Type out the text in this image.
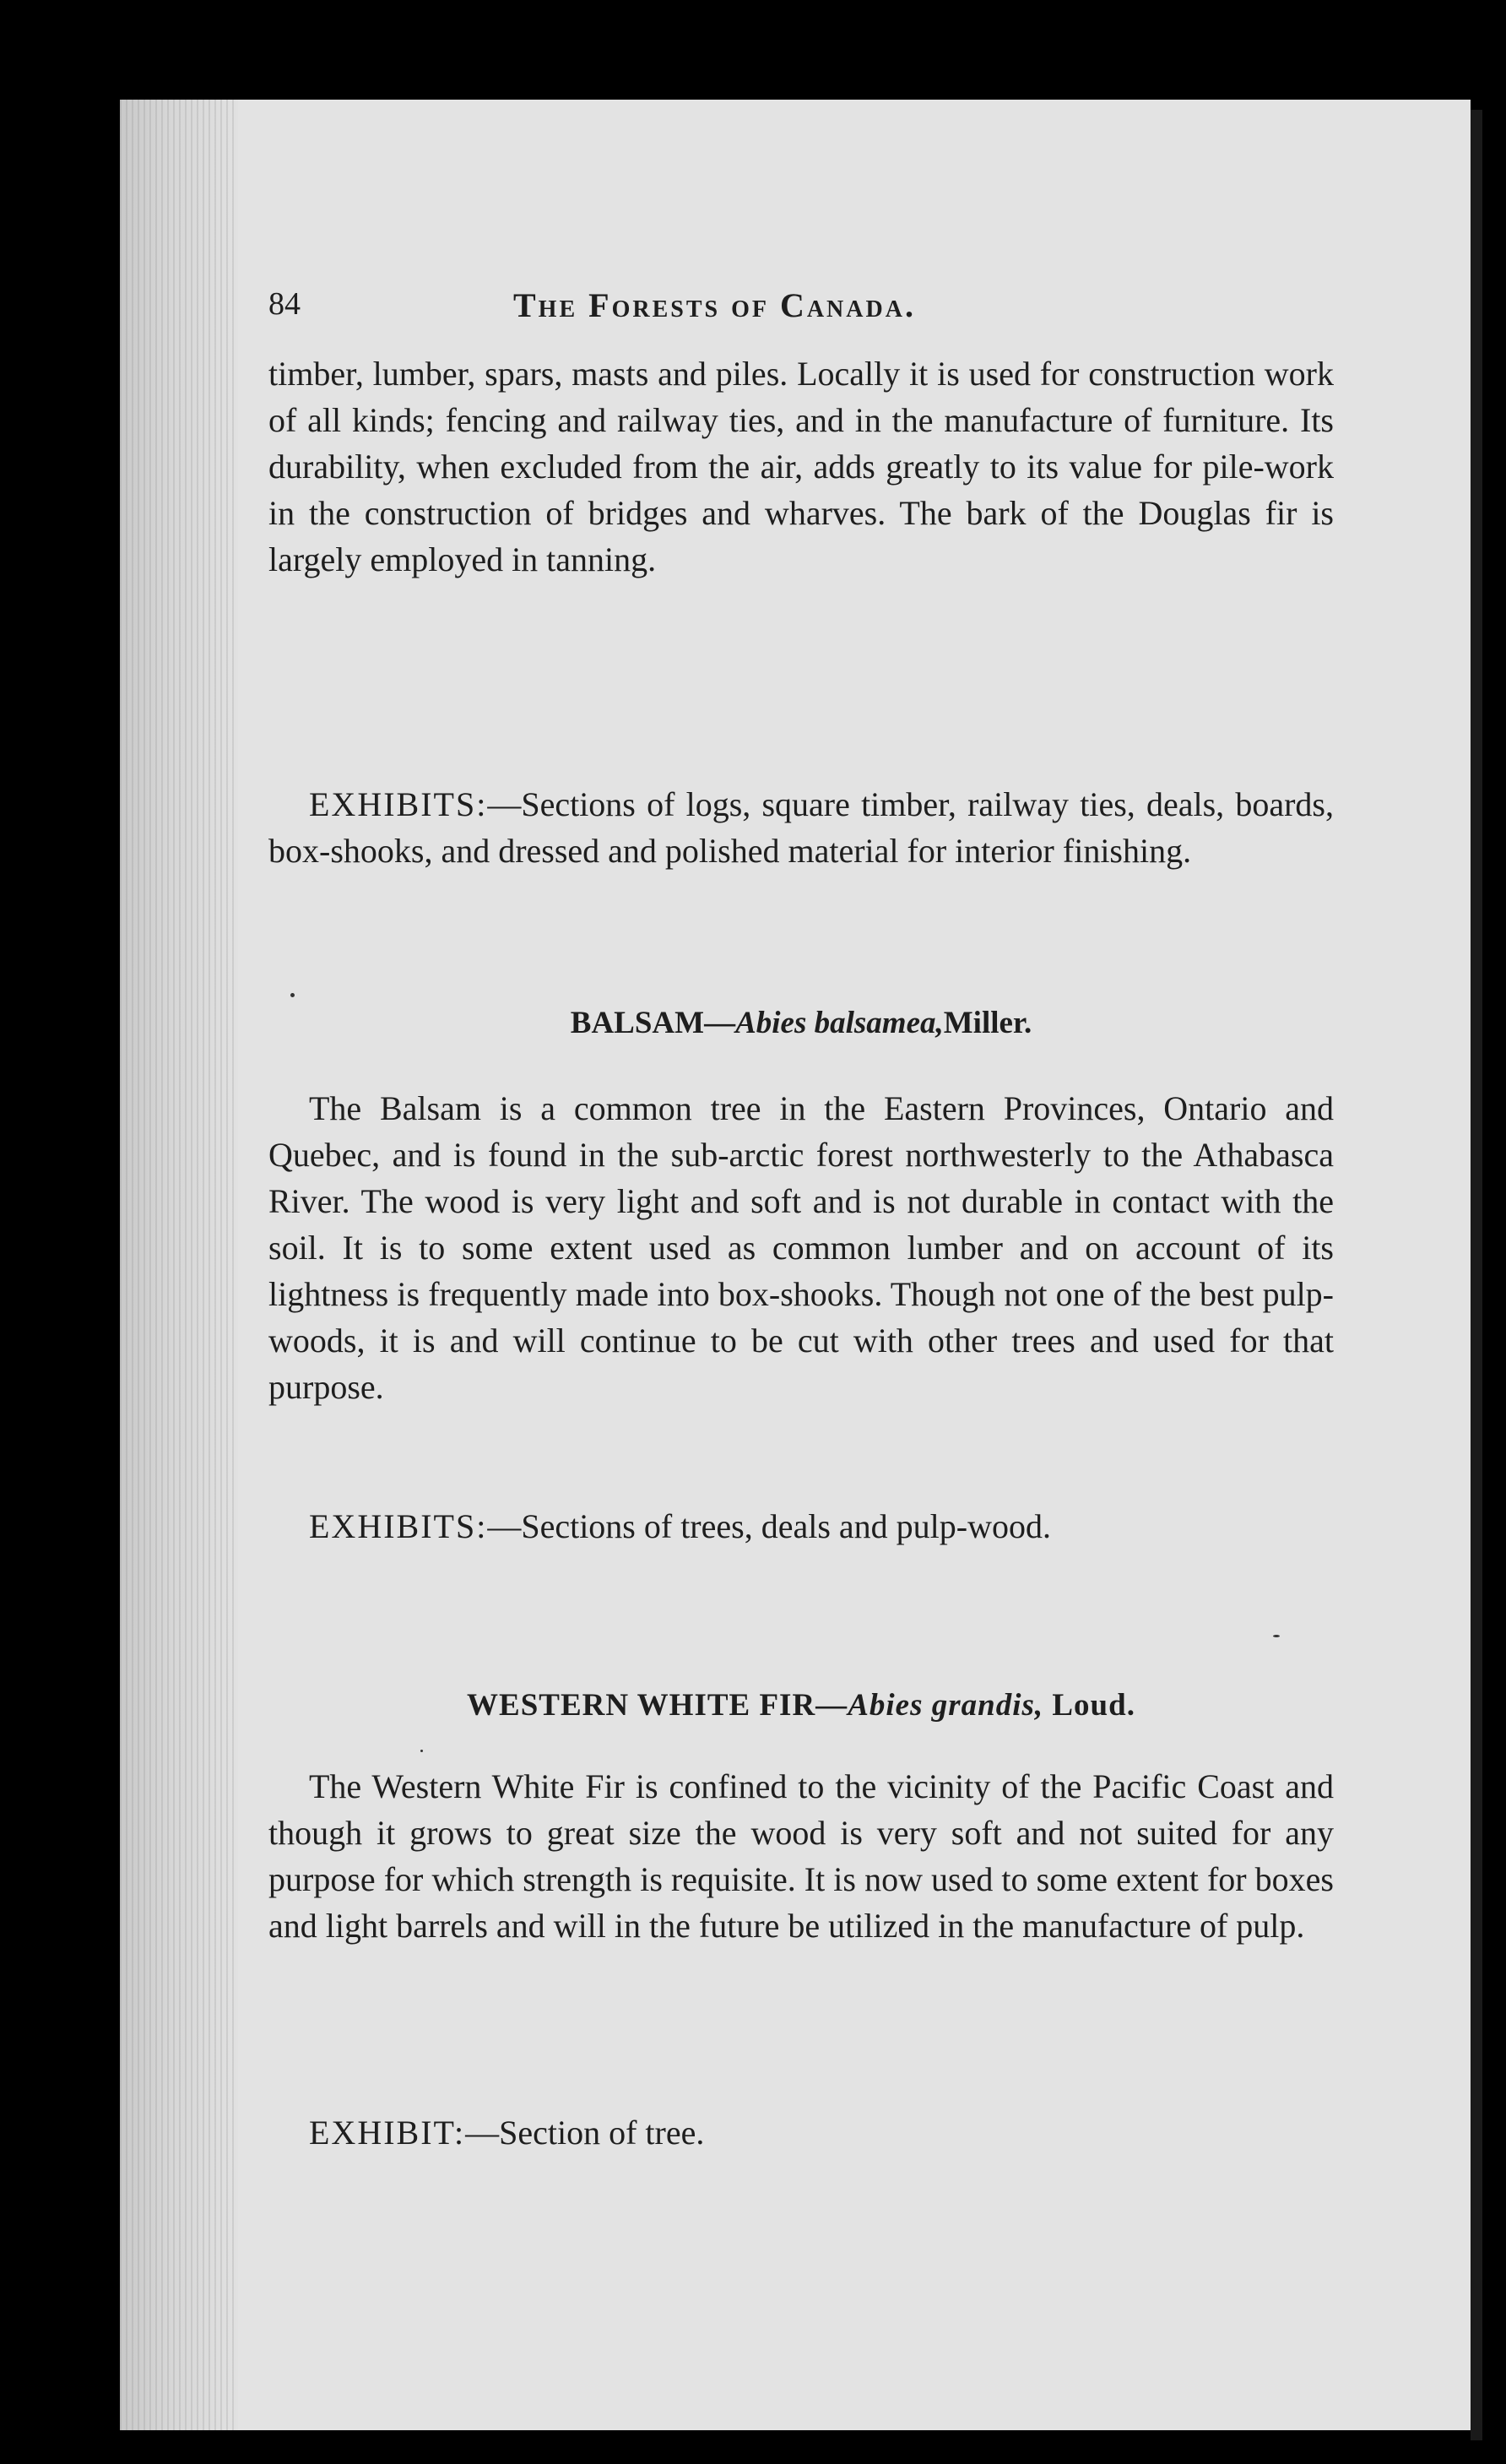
84	The Forests of Canada.

timber, lumber, spars, masts and piles. Locally it is used for construction work of all kinds; fencing and railway ties, and in the manufacture of furniture. Its durability, when excluded from the air, adds greatly to its value for pile-work in the construction of bridges and wharves. The bark of the Douglas fir is largely employed in tanning.

EXHIBITS:—Sections of logs, square timber, railway ties, deals, boards, box-shooks, and dressed and polished material for interior finishing.

BALSAM—Abies balsamea,Miller.

The Balsam is a common tree in the Eastern Provinces, Ontario and Quebec, and is found in the sub-arctic forest northwesterly to the Athabasca River. The wood is very light and soft and is not durable in contact with the soil. It is to some extent used as common lumber and on account of its lightness is frequently made into box-shooks. Though not one of the best pulp-woods, it is and will continue to be cut with other trees and used for that purpose.

EXHIBITS:—Sections of trees, deals and pulp-wood.

WESTERN WHITE FIR—Abies grandis, Loud.

The Western White Fir is confined to the vicinity of the Pacific Coast and though it grows to great size the wood is very soft and not suited for any purpose for which strength is requisite. It is now used to some extent for boxes and light barrels and will in the future be utilized in the manufacture of pulp.

EXHIBIT:—Section of tree.
